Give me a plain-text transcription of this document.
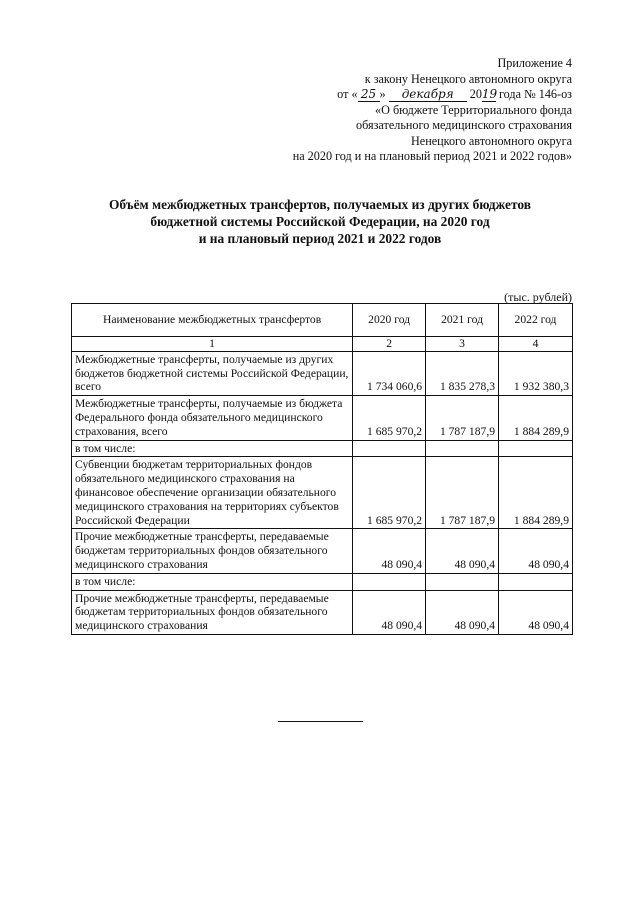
Приложение 4
к закону Ненецкого автономного округа
от « 25 » декабря 2019 года № 146-оз
«О бюджете Территориального фонда
обязательного медицинского страхования
Ненецкого автономного округа
на 2020 год и на плановый период 2021 и 2022 годов»
Объём межбюджетных трансфертов, получаемых из других бюджетов
бюджетной системы Российской Федерации, на 2020 год
и на плановый период 2021 и 2022 годов
(тыс. рублей)
Наименование межбюджетных трансфертов	2020 год	2021 год	2022 год
1	2	3	4
Межбюджетные трансферты, получаемые из других бюджетов бюджетной системы Российской Федерации, всего	1 734 060,6	1 835 278,3	1 932 380,3
Межбюджетные трансферты, получаемые из бюджета Федерального фонда обязательного медицинского страхования, всего	1 685 970,2	1 787 187,9	1 884 289,9
в том числе:			
Субвенции бюджетам территориальных фондов обязательного медицинского страхования на финансовое обеспечение организации обязательного медицинского страхования на территориях субъектов Российской Федерации	1 685 970,2	1 787 187,9	1 884 289,9
Прочие межбюджетные трансферты, передаваемые бюджетам территориальных фондов обязательного медицинского страхования	48 090,4	48 090,4	48 090,4
в том числе:			
Прочие межбюджетные трансферты, передаваемые бюджетам территориальных фондов обязательного медицинского страхования	48 090,4	48 090,4	48 090,4
